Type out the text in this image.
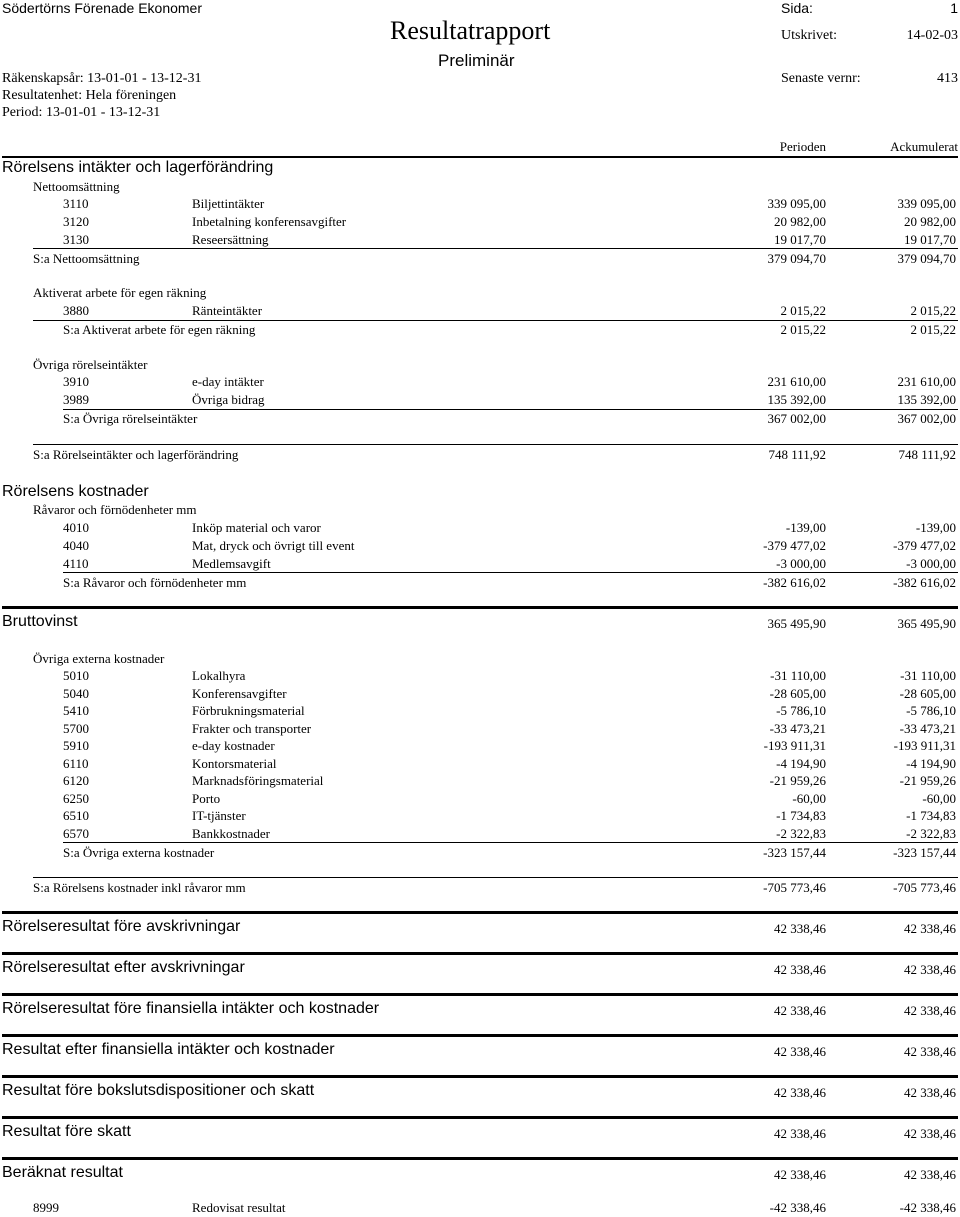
Södertörns Förenade Ekonomer	Sida:	1
Resultatrapport
Preliminär
Utskrivet:	14-02-03
Räkenskapsår: 13-01-01 - 13-12-31
Resultatenhet: Hela föreningen
Period: 13-01-01 - 13-12-31
Senaste vernr:	413
Perioden	Ackumulerat
Rörelsens intäkter och lagerförändring
Nettoomsättning
3110	Biljettintäkter	339 095,00	339 095,00
3120	Inbetalning konferensavgifter	20 982,00	20 982,00
3130	Reseersättning	19 017,70	19 017,70
S:a Nettoomsättning	379 094,70	379 094,70
Aktiverat arbete för egen räkning
3880	Ränteintäkter	2 015,22	2 015,22
S:a Aktiverat arbete för egen räkning	2 015,22	2 015,22
Övriga rörelseintäkter
3910	e-day intäkter	231 610,00	231 610,00
3989	Övriga bidrag	135 392,00	135 392,00
S:a Övriga rörelseintäkter	367 002,00	367 002,00
S:a Rörelseintäkter och lagerförändring	748 111,92	748 111,92
Rörelsens kostnader
Råvaror och förnödenheter mm
4010	Inköp material och varor	-139,00	-139,00
4040	Mat, dryck och övrigt till event	-379 477,02	-379 477,02
4110	Medlemsavgift	-3 000,00	-3 000,00
S:a Råvaror och förnödenheter mm	-382 616,02	-382 616,02
Bruttovinst	365 495,90	365 495,90
Övriga externa kostnader
5010	Lokalhyra	-31 110,00	-31 110,00
5040	Konferensavgifter	-28 605,00	-28 605,00
5410	Förbrukningsmaterial	-5 786,10	-5 786,10
5700	Frakter och transporter	-33 473,21	-33 473,21
5910	e-day kostnader	-193 911,31	-193 911,31
6110	Kontorsmaterial	-4 194,90	-4 194,90
6120	Marknadsföringsmaterial	-21 959,26	-21 959,26
6250	Porto	-60,00	-60,00
6510	IT-tjänster	-1 734,83	-1 734,83
6570	Bankkostnader	-2 322,83	-2 322,83
S:a Övriga externa kostnader	-323 157,44	-323 157,44
S:a Rörelsens kostnader inkl råvaror mm	-705 773,46	-705 773,46
Rörelseresultat före avskrivningar	42 338,46	42 338,46
Rörelseresultat efter avskrivningar	42 338,46	42 338,46
Rörelseresultat före finansiella intäkter och kostnader	42 338,46	42 338,46
Resultat efter finansiella intäkter och kostnader	42 338,46	42 338,46
Resultat före bokslutsdispositioner och skatt	42 338,46	42 338,46
Resultat före skatt	42 338,46	42 338,46
Beräknat resultat	42 338,46	42 338,46
8999	Redovisat resultat	-42 338,46	-42 338,46
